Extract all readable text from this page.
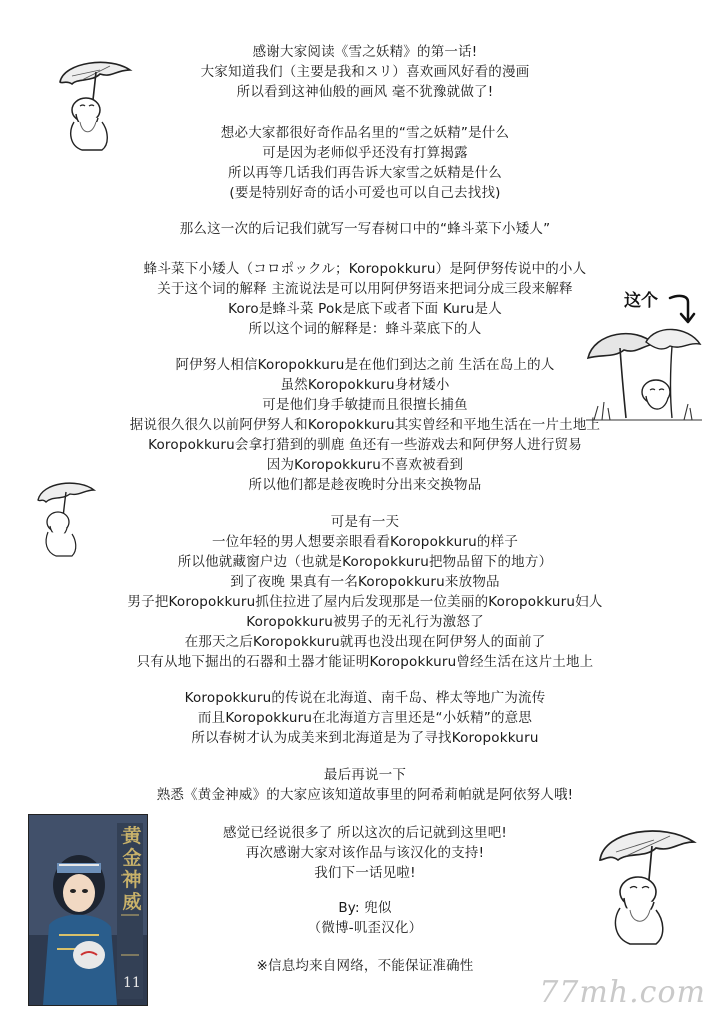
感谢大家阅读《雪之妖精》的第一话!
大家知道我们（主要是我和スリ）喜欢画风好看的漫画
所以看到这神仙般的画风 毫不犹豫就做了!
想必大家都很好奇作品名里的“雪之妖精”是什么
可是因为老师似乎还没有打算揭露
所以再等几话我们再告诉大家雪之妖精是什么
(要是特别好奇的话小可爱也可以自己去找找)
那么这一次的后记我们就写一写春树口中的“蜂斗菜下小矮人”
蜂斗菜下小矮人（コロポックル；Koropokkuru）是阿伊努传说中的小人
关于这个词的解释 主流说法是可以用阿伊努语来把词分成三段来解释
Koro是蜂斗菜 Pok是底下或者下面 Kuru是人
所以这个词的解释是：蜂斗菜底下的人
阿伊努人相信Koropokkuru是在他们到达之前 生活在岛上的人
虽然Koropokkuru身材矮小
可是他们身手敏捷而且很擅长捕鱼
据说很久很久以前阿伊努人和Koropokkuru其实曾经和平地生活在一片土地上
Koropokkuru会拿打猎到的驯鹿 鱼还有一些游戏去和阿伊努人进行贸易
因为Koropokkuru不喜欢被看到
所以他们都是趁夜晚时分出来交换物品
可是有一天
一位年轻的男人想要亲眼看看Koropokkuru的样子
所以他就藏窗户边（也就是Koropokkuru把物品留下的地方）
到了夜晚 果真有一名Koropokkuru来放物品
男子把Koropokkuru抓住拉进了屋内后发现那是一位美丽的Koropokkuru妇人
Koropokkuru被男子的无礼行为激怒了
在那天之后Koropokkuru就再也没出现在阿伊努人的面前了
只有从地下掘出的石器和土器才能证明Koropokkuru曾经生活在这片土地上
Koropokkuru的传说在北海道、南千岛、桦太等地广为流传
而且Koropokkuru在北海道方言里还是“小妖精”的意思
所以春树才认为成美来到北海道是为了寻找Koropokkuru
最后再说一下
熟悉《黄金神威》的大家应该知道故事里的阿希莉帕就是阿依努人哦!
感觉已经说很多了 所以这次的后记就到这里吧!
再次感谢大家对该作品与该汉化的支持!
我们下一话见啦!
By: 兜似
（微博-叽歪汉化）
※信息均来自网络，不能保证准确性
这个
黄金神威
11	77mh.com
